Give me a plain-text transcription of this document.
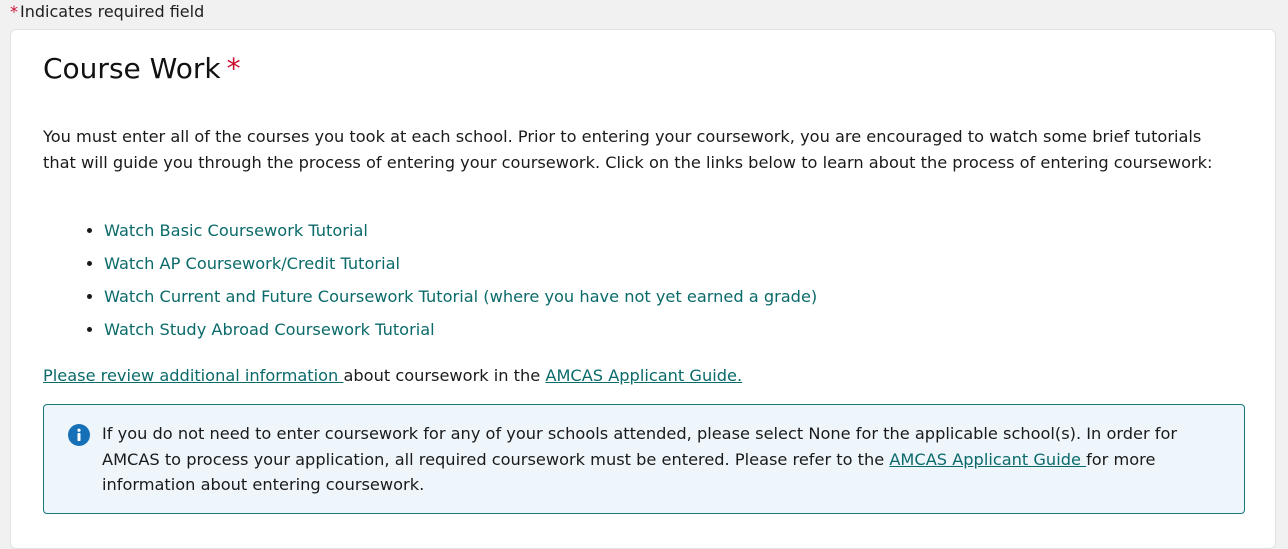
* Indicates required field
Course Work *

You must enter all of the courses you took at each school. Prior to entering your coursework, you are encouraged to watch some brief tutorials that will guide you through the process of entering your coursework. Click on the links below to learn about the process of entering coursework:

• Watch Basic Coursework Tutorial
• Watch AP Coursework/Credit Tutorial
• Watch Current and Future Coursework Tutorial (where you have not yet earned a grade)
• Watch Study Abroad Coursework Tutorial

Please review additional information about coursework in the AMCAS Applicant Guide.

If you do not need to enter coursework for any of your schools attended, please select None for the applicable school(s). In order for AMCAS to process your application, all required coursework must be entered. Please refer to the AMCAS Applicant Guide for more information about entering coursework.
